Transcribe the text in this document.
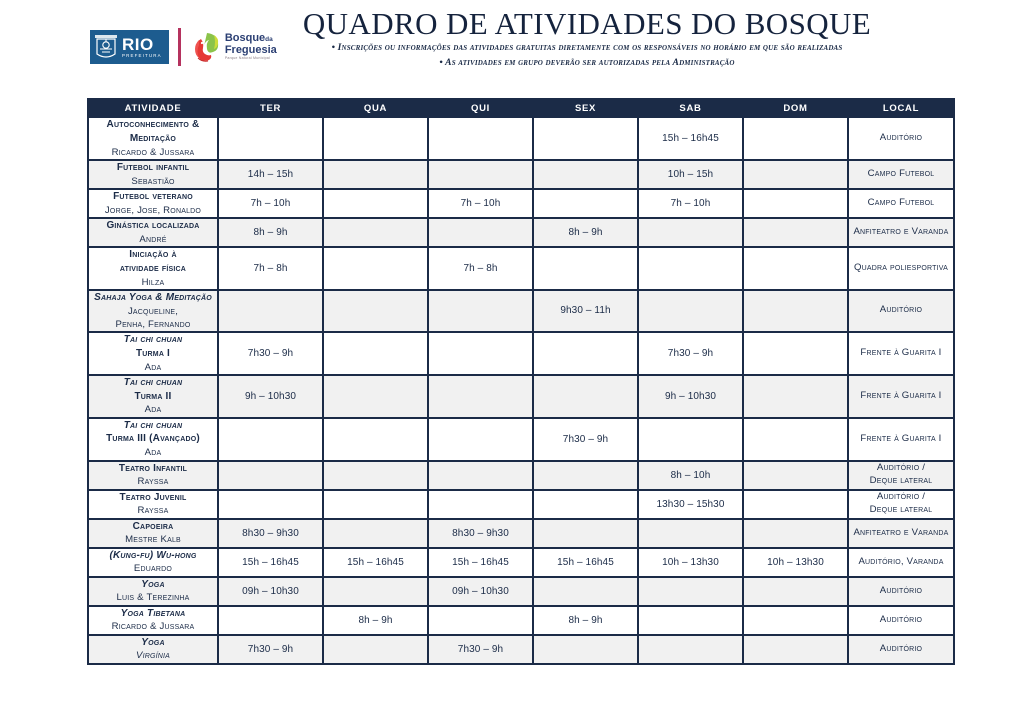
RIO
PREFEITURA
Bosqueda
Freguesia
Parque Natural Municipal
QUADRO DE ATIVIDADES DO BOSQUE
• Inscrições ou informações das atividades gratuitas diretamente com os responsáveis no horário em que são realizadas
• As atividades em grupo deverão ser autorizadas pela Administração
ATIVIDADE	TER	QUA	QUI	SEX	SAB	DOM	LOCAL

Autoconhecimento &
Meditação
Ricardo & Jussara					15h – 16h45		Auditório

Futebol infantil
Sebastião	14h – 15h				10h – 15h		Campo Futebol

Futebol veterano
Jorge, Jose, Ronaldo	7h – 10h		7h – 10h		7h – 10h		Campo Futebol

Ginástica localizada
André	8h – 9h			8h – 9h			Anfiteatro e Varanda

Iniciação à
atividade física
Hilza	7h – 8h		7h – 8h				Quadra poliesportiva

Sahaja Yoga & Meditação
Jacqueline,
Penha, Fernando				9h30 – 11h			Auditório

Tai chi chuan
Turma I
Ada	7h30 – 9h				7h30 – 9h		Frente à Guarita I

Tai chi chuan
Turma II
Ada	9h – 10h30				9h – 10h30		Frente à Guarita I

Tai chi chuan
Turma III (Avançado)
Ada				7h30 – 9h			Frente à Guarita I

Teatro Infantil
Rayssa					8h – 10h		Auditório /
Deque lateral

Teatro Juvenil
Rayssa					13h30 – 15h30		Auditório /
Deque lateral

Capoeira
Mestre Kalb	8h30 – 9h30		8h30 – 9h30				Anfiteatro e Varanda

(Kung-fu) Wu-hong
Eduardo	15h – 16h45	15h – 16h45	15h – 16h45	15h – 16h45	10h – 13h30	10h – 13h30	Auditório, Varanda

Yoga
Luis & Terezinha	09h – 10h30		09h – 10h30				Auditório

Yoga Tibetana
Ricardo & Jussara		8h – 9h		8h – 9h			Auditório

Yoga
Virgínia	7h30 – 9h		7h30 – 9h				Auditório
